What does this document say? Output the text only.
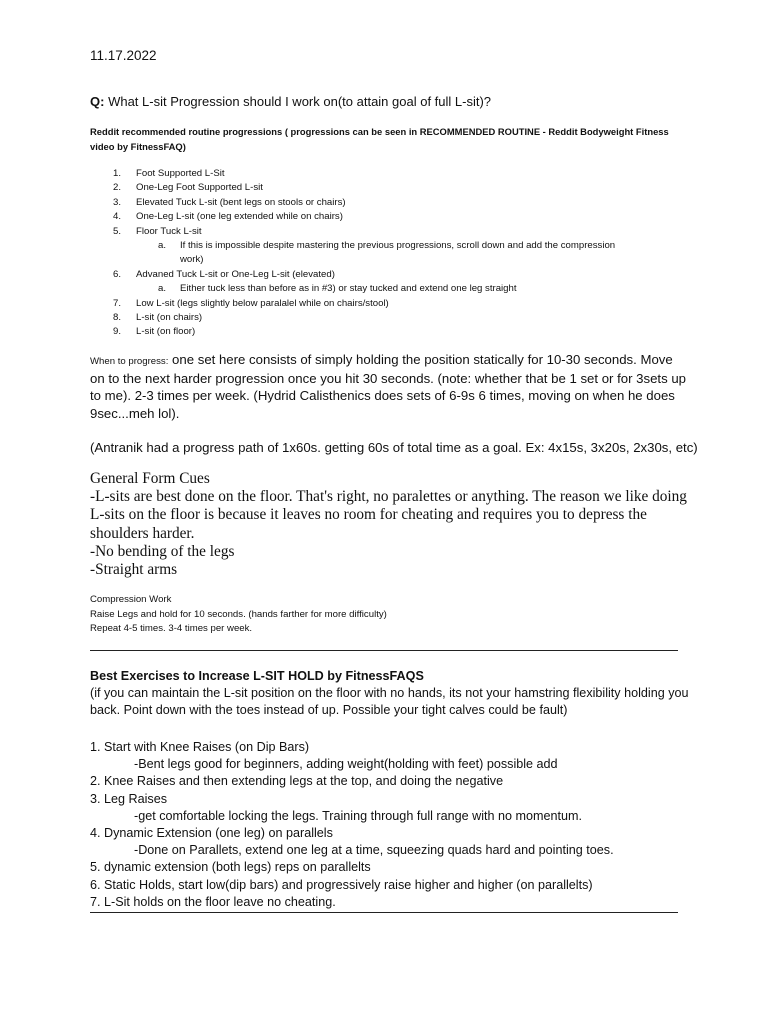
11.17.2022
Q: What L-sit Progression should I work on(to attain goal of full L-sit)?
Reddit recommended routine progressions ( progressions can be seen in RECOMMENDED ROUTINE - Reddit Bodyweight Fitness video by FitnessFAQ)
1. Foot Supported L-Sit
2. One-Leg Foot Supported L-sit
3. Elevated Tuck L-sit (bent legs on stools or chairs)
4. One-Leg L-sit (one leg extended while on chairs)
5. Floor Tuck L-sit
a. If this is impossible despite mastering the previous progressions, scroll down and add the compression
work)
6. Advaned Tuck L-sit or One-Leg L-sit (elevated)
a. Either tuck less than before as in #3) or stay tucked and extend one leg straight
7. Low L-sit (legs slightly below paralalel while on chairs/stool)
8. L-sit (on chairs)
9. L-sit (on floor)
When to progress: one set here consists of simply holding the position statically for 10-30 seconds. Move on to the next harder progression once you hit 30 seconds. (note: whether that be 1 set or for 3sets up to me). 2-3 times per week. (Hydrid Calisthenics does sets of 6-9s 6 times, moving on when he does 9sec...meh lol).
(Antranik had a progress path of 1x60s. getting 60s of total time as a goal. Ex: 4x15s, 3x20s, 2x30s, etc)
General Form Cues
-L-sits are best done on the floor. That's right, no paralettes or anything. The reason we like doing L-sits on the floor is because it leaves no room for cheating and requires you to depress the shoulders harder.
-No bending of the legs
-Straight arms
Compression Work
Raise Legs and hold for 10 seconds. (hands farther for more difficulty)
Repeat 4-5 times. 3-4 times per week.
Best Exercises to Increase L-SIT HOLD by FitnessFAQS
(if you can maintain the L-sit position on the floor with no hands, its not your hamstring flexibility holding you back. Point down with the toes instead of up. Possible your tight calves could be fault)
1. Start with Knee Raises (on Dip Bars)
-Bent legs good for beginners, adding weight(holding with feet) possible add
2. Knee Raises and then extending legs at the top, and doing the negative
3. Leg Raises
-get comfortable locking the legs. Training through full range with no momentum.
4. Dynamic Extension (one leg) on parallels
-Done on Parallets, extend one leg at a time, squeezing quads hard and pointing toes.
5. dynamic extension (both legs) reps on parallelts
6. Static Holds, start low(dip bars) and progressively raise higher and higher (on parallelts)
7. L-Sit holds on the floor leave no cheating.
